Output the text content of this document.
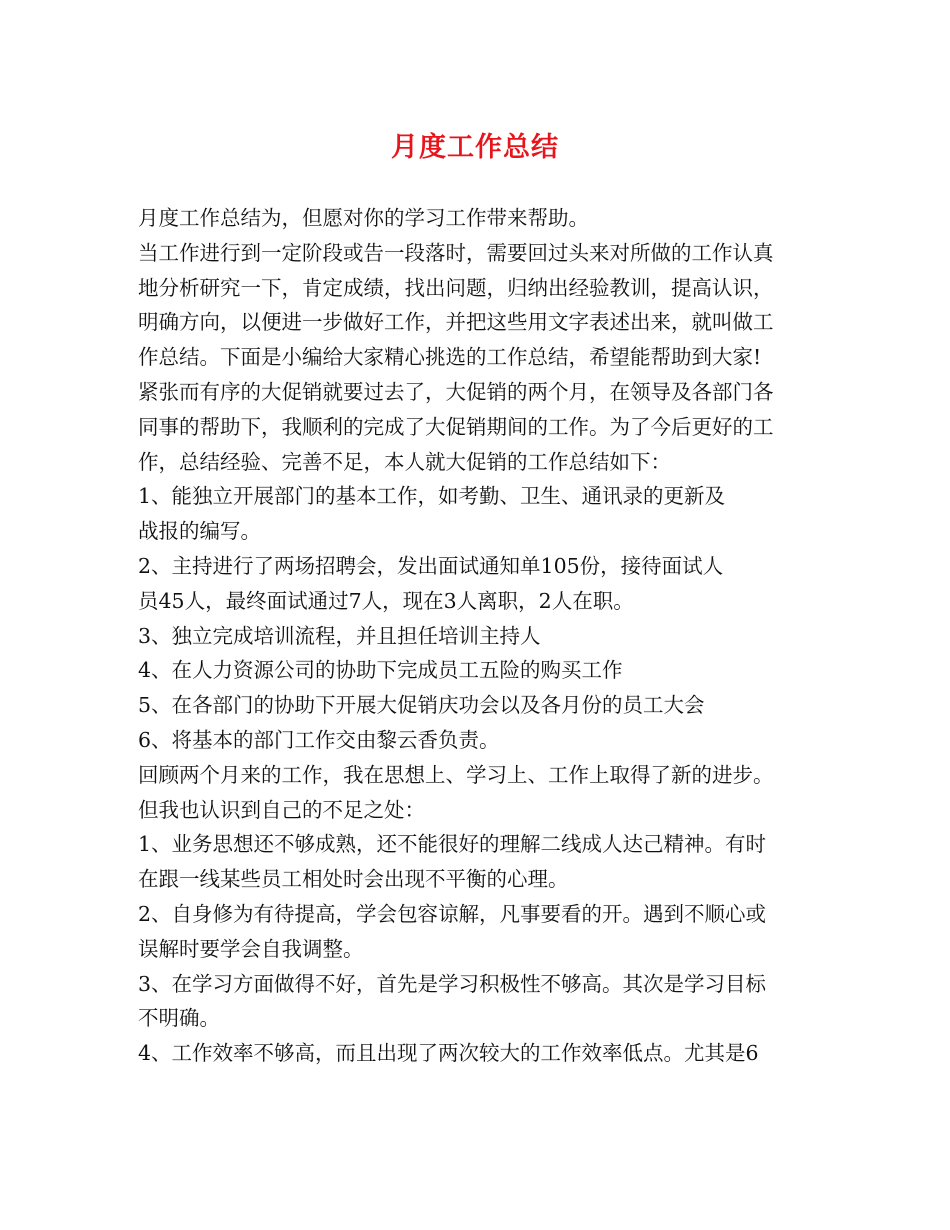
月度工作总结
月度工作总结为，但愿对你的学习工作带来帮助。
当工作进行到一定阶段或告一段落时，需要回过头来对所做的工作认真
地分析研究一下，肯定成绩，找出问题，归纳出经验教训，提高认识，
明确方向，以便进一步做好工作，并把这些用文字表述出来，就叫做工
作总结。下面是小编给大家精心挑选的工作总结，希望能帮助到大家!
紧张而有序的大促销就要过去了，大促销的两个月，在领导及各部门各
同事的帮助下，我顺利的完成了大促销期间的工作。为了今后更好的工
作，总结经验、完善不足，本人就大促销的工作总结如下：
1、能独立开展部门的基本工作，如考勤、卫生、通讯录的更新及
战报的编写。
2、主持进行了两场招聘会，发出面试通知单105份，接待面试人
员45人，最终面试通过7人，现在3人离职，2人在职。
3、独立完成培训流程，并且担任培训主持人
4、在人力资源公司的协助下完成员工五险的购买工作
5、在各部门的协助下开展大促销庆功会以及各月份的员工大会
6、将基本的部门工作交由黎云香负责。
回顾两个月来的工作，我在思想上、学习上、工作上取得了新的进步。
但我也认识到自己的不足之处：
1、业务思想还不够成熟，还不能很好的理解二线成人达己精神。有时
在跟一线某些员工相处时会出现不平衡的心理。
2、自身修为有待提高，学会包容谅解，凡事要看的开。遇到不顺心或
误解时要学会自我调整。
3、在学习方面做得不好，首先是学习积极性不够高。其次是学习目标
不明确。
4、工作效率不够高，而且出现了两次较大的工作效率低点。尤其是6
